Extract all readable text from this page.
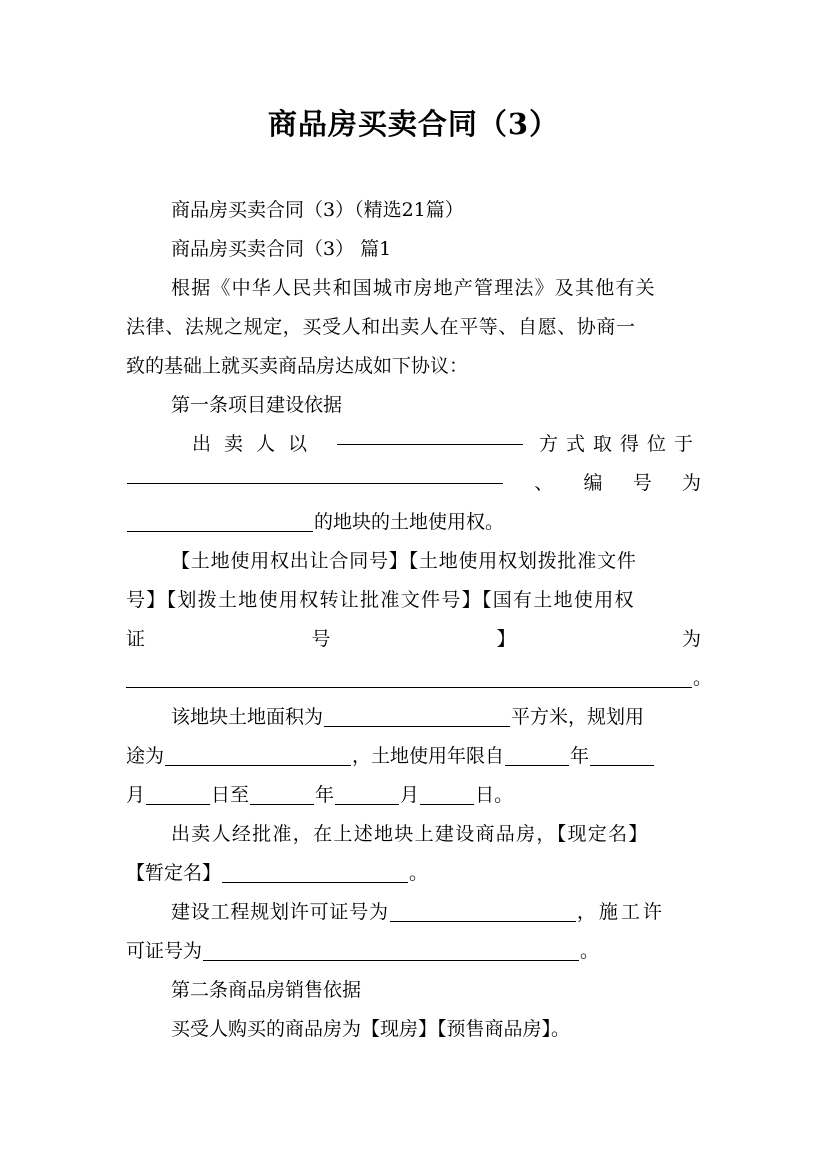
商品房买卖合同（3）
商品房买卖合同（3）（精选21篇）
商品房买卖合同（3） 篇1
根据《中华人民共和国城市房地产管理法》及其他有关
法律、法规之规定，买受人和出卖人在平等、自愿、协商一
致的基础上就买卖商品房达成如下协议：
第一条项目建设依据
出卖人以	方式取得位于
、 编 号 为
的地块的土地使用权。
【土地使用权出让合同号】【土地使用权划拨批准文件
号】【划拨土地使用权转让批准文件号】【国有土地使用权
证	号	】	为
。
该地块土地面积为	平方米，规划用
途为	，土地使用年限自	年
月	日至	年	月	日。
出卖人经批准，在上述地块上建设商品房，【现定名】
【暂定名】	。
建设工程规划许可证号为	，施工许
可证号为	。
第二条商品房销售依据
买受人购买的商品房为【现房】【预售商品房】。
